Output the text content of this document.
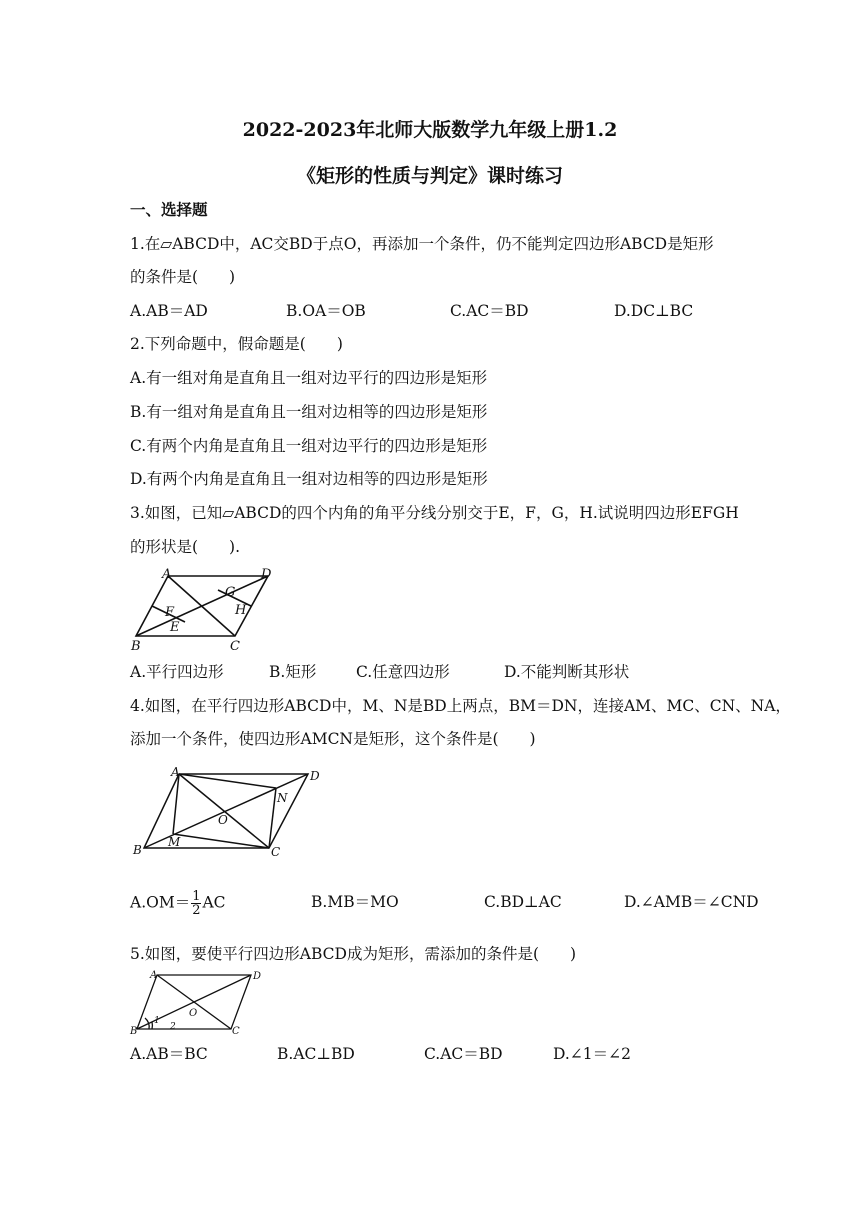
2022-2023年北师大版数学九年级上册1.2
《矩形的性质与判定》课时练习
一、选择题
1.在▱ABCD中，AC交BD于点O，再添加一个条件，仍不能判定四边形ABCD是矩形
的条件是(　　)
A.AB＝AD	B.OA＝OB	C.AC＝BD	D.DC⊥BC
2.下列命题中，假命题是(　　)
A.有一组对角是直角且一组对边平行的四边形是矩形
B.有一组对角是直角且一组对边相等的四边形是矩形
C.有两个内角是直角且一组对边平行的四边形是矩形
D.有两个内角是直角且一组对边相等的四边形是矩形
3.如图，已知▱ABCD的四个内角的角平分线分别交于E，F，G，H.试说明四边形EFGH
的形状是(　　).
A	D
B	C
F
E
G
H
A.平行四边形	B.矩形	C.任意四边形	D.不能判断其形状
4.如图，在平行四边形ABCD中，M、N是BD上两点，BM＝DN，连接AM、MC、CN、NA，
添加一个条件，使四边形AMCN是矩形，这个条件是(　　)
A	D
B	C
M
N
O
$A.OM= \frac{1}{2}$ AC	B.MB＝MO	C.BD⊥AC	D.∠AMB＝∠CND
5.如图，要使平行四边形ABCD成为矩形，需添加的条件是(　　)
A	D
B	C
O
1
2
A.AB＝BC	B.AC⊥BD	C.AC＝BD	D.∠1＝∠2
